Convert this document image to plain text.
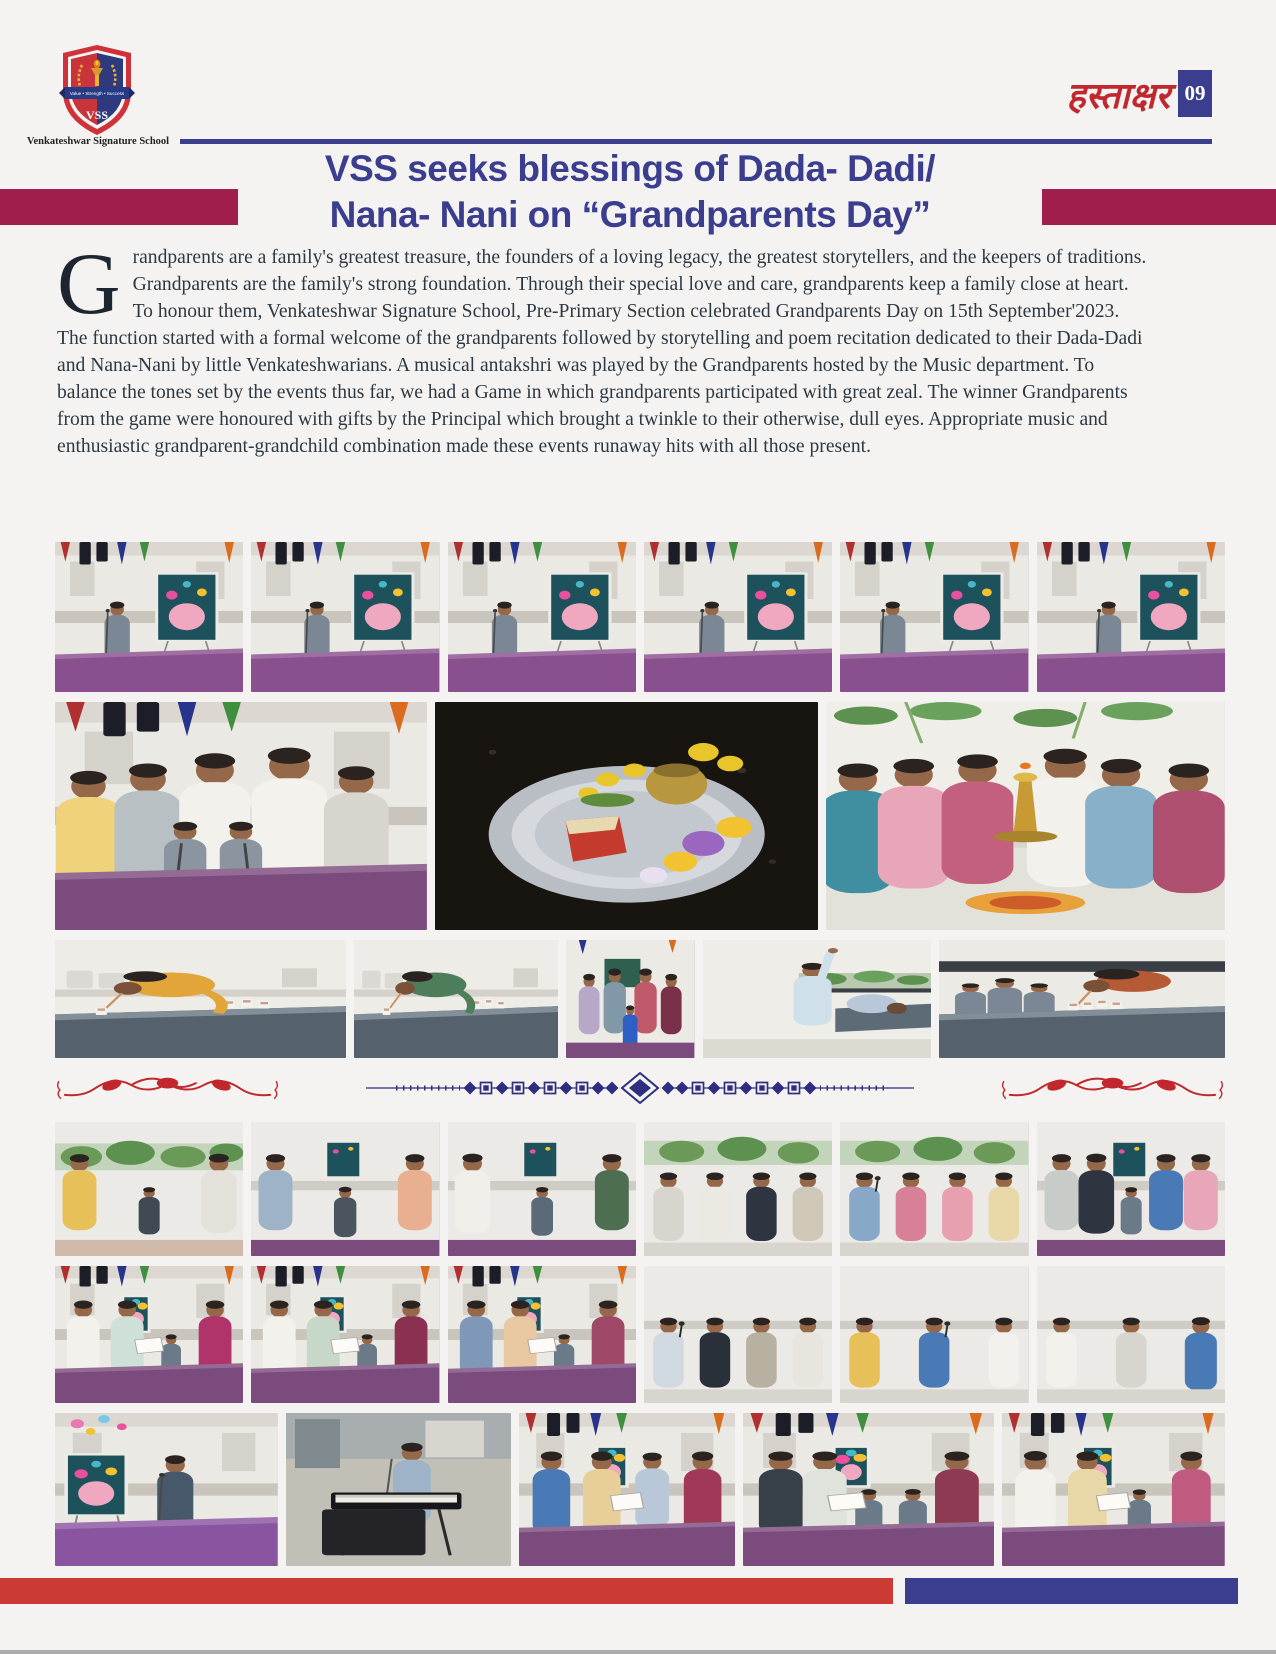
Value • Strength • Success
VSS
Venkateshwar Signature School
हस्ताक्षर 09
VSS seeks blessings of Dada- Dadi/
Nana- Nani on “Grandparents Day”

Grandparents are a family's greatest treasure, the founders of a loving legacy, the greatest storytellers, and the keepers of traditions. Grandparents are the family's strong foundation. Through their special love and care, grandparents keep a family close at heart. To honour them, Venkateshwar Signature School, Pre-Primary Section celebrated Grandparents Day on 15th September'2023.

The function started with a formal welcome of the grandparents followed by storytelling and poem recitation dedicated to their Dada-Dadi and Nana-Nani by little Venkateshwarians. A musical antakshri was played by the Grandparents hosted by the Music department. To balance the tones set by the events thus far, we had a Game in which grandparents participated with great zeal. The winner Grandparents from the game were honoured with gifts by the Principal which brought a twinkle to their otherwise, dull eyes. Appropriate music and enthusiastic grandparent-grandchild combination made these events runaway hits with all those present.
